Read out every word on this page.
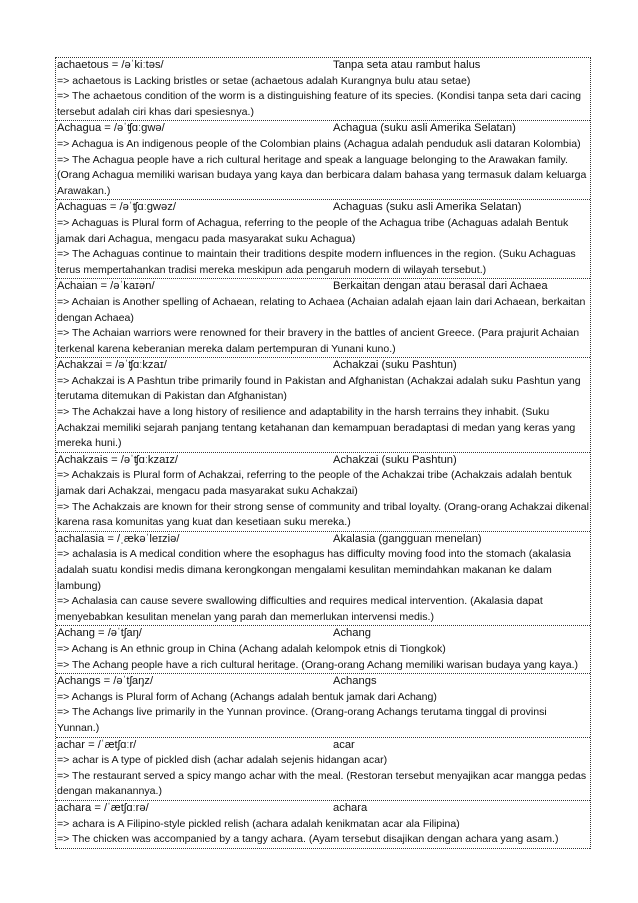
achaetous = /əˈkiːtəs/	Tanpa seta atau rambut halus
=> achaetous is Lacking bristles or setae (achaetous adalah Kurangnya bulu atau setae)
=> The achaetous condition of the worm is a distinguishing feature of its species. (Kondisi tanpa seta dari cacing tersebut adalah ciri khas dari spesiesnya.)
Achagua = /əˈʧɑːgwə/	Achagua (suku asli Amerika Selatan)
=> Achagua is An indigenous people of the Colombian plains (Achagua adalah penduduk asli dataran Kolombia)
=> The Achagua people have a rich cultural heritage and speak a language belonging to the Arawakan family. (Orang Achagua memiliki warisan budaya yang kaya dan berbicara dalam bahasa yang termasuk dalam keluarga Arawakan.)
Achaguas = /əˈʧɑːgwəz/	Achaguas (suku asli Amerika Selatan)
=> Achaguas is Plural form of Achagua, referring to the people of the Achagua tribe (Achaguas adalah Bentuk jamak dari Achagua, mengacu pada masyarakat suku Achagua)
=> The Achaguas continue to maintain their traditions despite modern influences in the region. (Suku Achaguas terus mempertahankan tradisi mereka meskipun ada pengaruh modern di wilayah tersebut.)
Achaian = /əˈkaɪən/	Berkaitan dengan atau berasal dari Achaea
=> Achaian is Another spelling of Achaean, relating to Achaea (Achaian adalah ejaan lain dari Achaean, berkaitan dengan Achaea)
=> The Achaian warriors were renowned for their bravery in the battles of ancient Greece. (Para prajurit Achaian terkenal karena keberanian mereka dalam pertempuran di Yunani kuno.)
Achakzai = /əˈʧɑːkzaɪ/	Achakzai (suku Pashtun)
=> Achakzai is A Pashtun tribe primarily found in Pakistan and Afghanistan (Achakzai adalah suku Pashtun yang terutama ditemukan di Pakistan dan Afghanistan)
=> The Achakzai have a long history of resilience and adaptability in the harsh terrains they inhabit. (Suku Achakzai memiliki sejarah panjang tentang ketahanan dan kemampuan beradaptasi di medan yang keras yang mereka huni.)
Achakzais = /əˈʧɑːkzaɪz/	Achakzai (suku Pashtun)
=> Achakzais is Plural form of Achakzai, referring to the people of the Achakzai tribe (Achakzais adalah bentuk jamak dari Achakzai, mengacu pada masyarakat suku Achakzai)
=> The Achakzais are known for their strong sense of community and tribal loyalty. (Orang-orang Achakzai dikenal karena rasa komunitas yang kuat dan kesetiaan suku mereka.)
achalasia = /ˌækəˈleɪziə/	Akalasia (gangguan menelan)
=> achalasia is A medical condition where the esophagus has difficulty moving food into the stomach (akalasia adalah suatu kondisi medis dimana kerongkongan mengalami kesulitan memindahkan makanan ke dalam lambung)
=> Achalasia can cause severe swallowing difficulties and requires medical intervention. (Akalasia dapat menyebabkan kesulitan menelan yang parah dan memerlukan intervensi medis.)
Achang = /əˈtʃaŋ/	Achang
=> Achang is An ethnic group in China (Achang adalah kelompok etnis di Tiongkok)
=> The Achang people have a rich cultural heritage. (Orang-orang Achang memiliki warisan budaya yang kaya.)
Achangs = /əˈtʃaŋz/	Achangs
=> Achangs is Plural form of Achang (Achangs adalah bentuk jamak dari Achang)
=> The Achangs live primarily in the Yunnan province. (Orang-orang Achangs terutama tinggal di provinsi Yunnan.)
achar = /ˈætʃɑːr/	acar
=> achar is A type of pickled dish (achar adalah sejenis hidangan acar)
=> The restaurant served a spicy mango achar with the meal. (Restoran tersebut menyajikan acar mangga pedas dengan makanannya.)
achara = /ˈætʃɑːrə/	achara
=> achara is A Filipino-style pickled relish (achara adalah kenikmatan acar ala Filipina)
=> The chicken was accompanied by a tangy achara. (Ayam tersebut disajikan dengan achara yang asam.)
